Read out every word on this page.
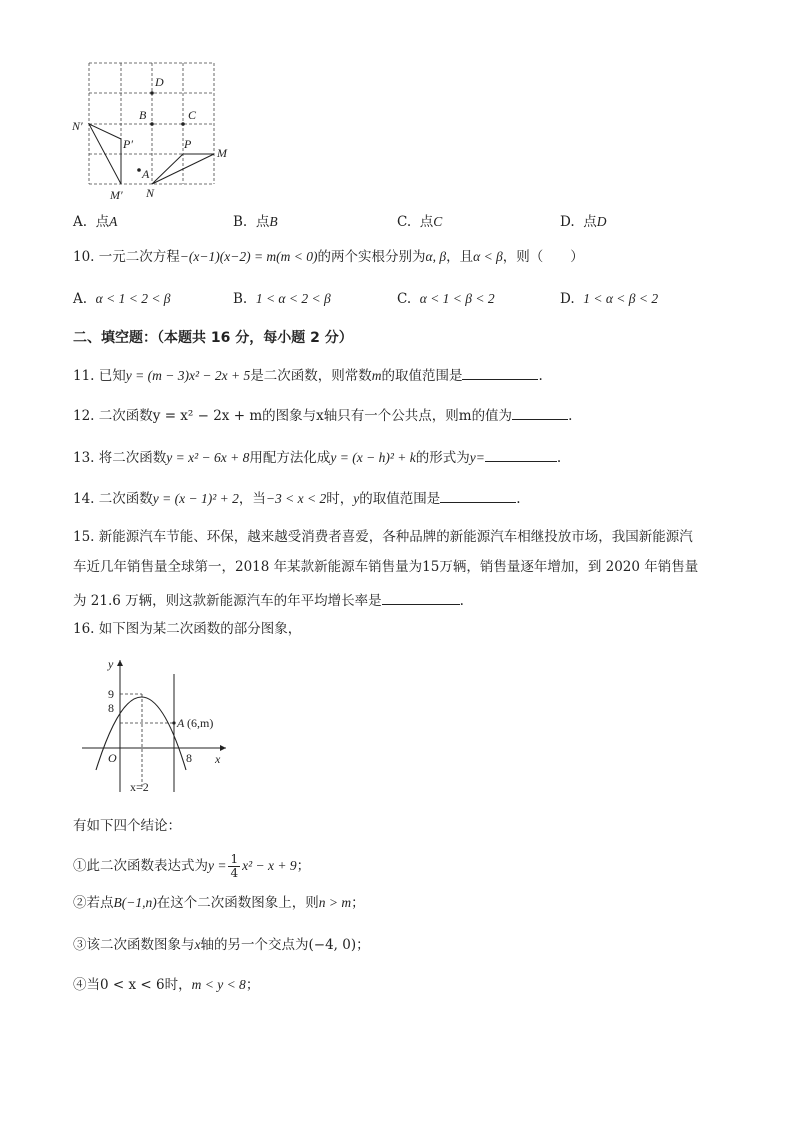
D
B	C
N′
P′	P
M
A
M′ N
A. 点A	B. 点B	C. 点C	D. 点D
10. 一元二次方程−(x−1)(x−2) = m(m < 0)的两个实根分别为α, β，且α < β，则（　　）
A. α < 1 < 2 < β	B. 1 < α < 2 < β	C. α < 1 < β < 2	D. 1 < α < β < 2
二、填空题：（本题共 16 分，每小题 2 分）
11. 已知y = (m − 3)x² − 2x + 5是二次函数，则常数m的取值范围是	.
12. 二次函数y = x² − 2x + m的图象与x轴只有一个公共点，则m的值为	.
13. 将二次函数y = x² − 6x + 8用配方法化成y = (x − h)² + k的形式为y=	.
14. 二次函数y = (x − 1)² + 2，当−3 < x < 2时，y的取值范围是	.
15. 新能源汽车节能、环保，越来越受消费者喜爱，各种品牌的新能源汽车相继投放市场，我国新能源汽
车近几年销售量全球第一，2018 年某款新能源车销售量为15万辆，销售量逐年增加，到 2020 年销售量
为 21.6 万辆，则这款新能源汽车的年平均增长率是	.
16. 如下图为某二次函数的部分图象，
y
x
O
9
8
8
A (6,m)
x=2
有如下四个结论：
①此二次函数表达式为$y = \frac{1}{4} x^2 - x + 9$；
②若点B(−1,n)在这个二次函数图象上，则n > m；
③该二次函数图象与x轴的另一个交点为(−4, 0)；
④当0 < x < 6时，m < y < 8；
